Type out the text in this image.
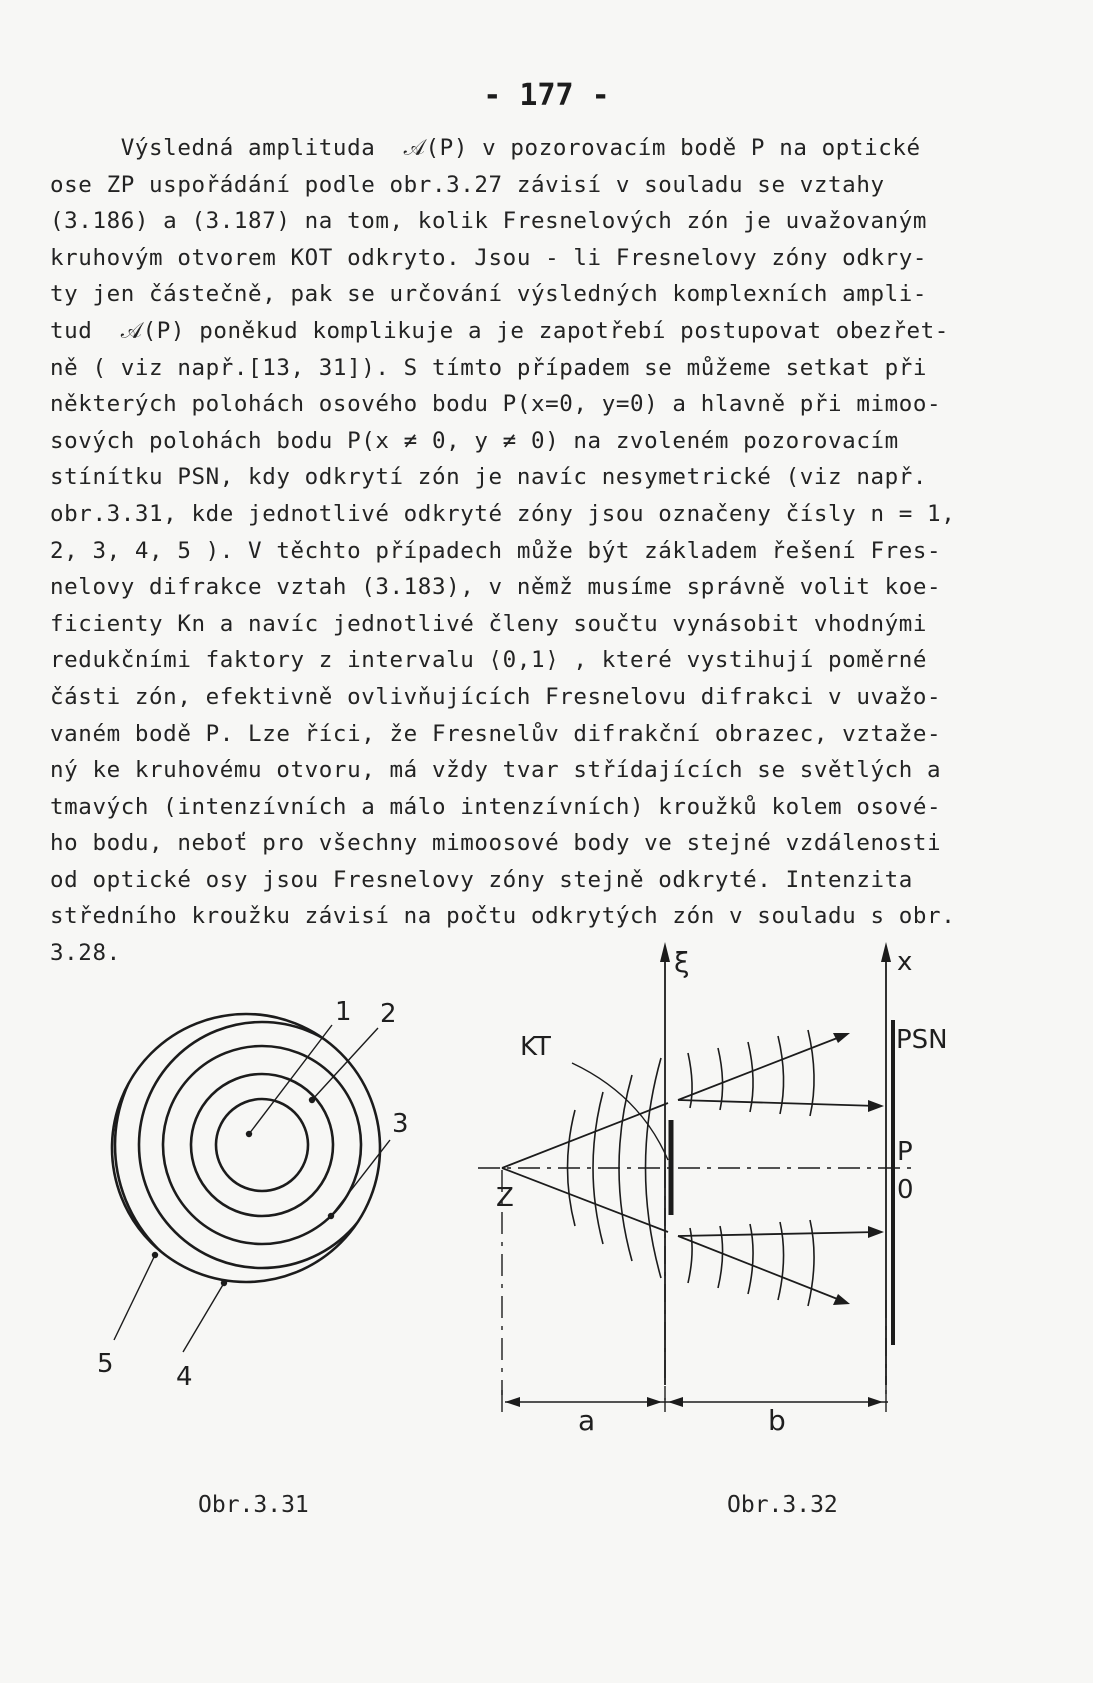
- 177 -
Výsledná amplituda  𝒜(P) v pozorovacím bodě P na optické
ose ZP uspořádání podle obr.3.27 závisí v souladu se vztahy
(3.186) a (3.187) na tom, kolik Fresnelových zón je uvažovaným
kruhovým otvorem KOT odkryto. Jsou - li Fresnelovy zóny odkry-
ty jen částečně, pak se určování výsledných komplexních ampli-
tud  𝒜(P) poněkud komplikuje a je zapotřebí postupovat obezřet-
ně ( viz např.[13, 31]). S tímto případem se můžeme setkat při
některých polohách osového bodu P(x=0, y=0) a hlavně při mimoo-
sových polohách bodu P(x ≠ 0, y ≠ 0) na zvoleném pozorovacím
stínítku PSN, kdy odkrytí zón je navíc nesymetrické (viz např.
obr.3.31, kde jednotlivé odkryté zóny jsou označeny čísly n = 1,
2, 3, 4, 5 ). V těchto případech může být základem řešení Fres-
nelovy difrakce vztah (3.183), v němž musíme správně volit koe-
ficienty Kn a navíc jednotlivé členy součtu vynásobit vhodnými
redukčními faktory z intervalu ⟨0,1⟩ , které vystihují poměrné
části zón, efektivně ovlivňujících Fresnelovu difrakci v uvažo-
vaném bodě P. Lze říci, že Fresnelův difrakční obrazec, vztaže-
ný ke kruhovému otvoru, má vždy tvar střídajících se světlých a
tmavých (intenzívních a málo intenzívních) kroužků kolem osové-
ho bodu, neboť pro všechny mimoosové body ve stejné vzdálenosti
od optické osy jsou Fresnelovy zóny stejně odkryté. Intenzita
středního kroužku závisí na počtu odkrytých zón v souladu s obr.
3.28.
1 2
3
4
5
ξ	x
KT	PSN
P
0
Z
a	b
Obr.3.31	Obr.3.32
